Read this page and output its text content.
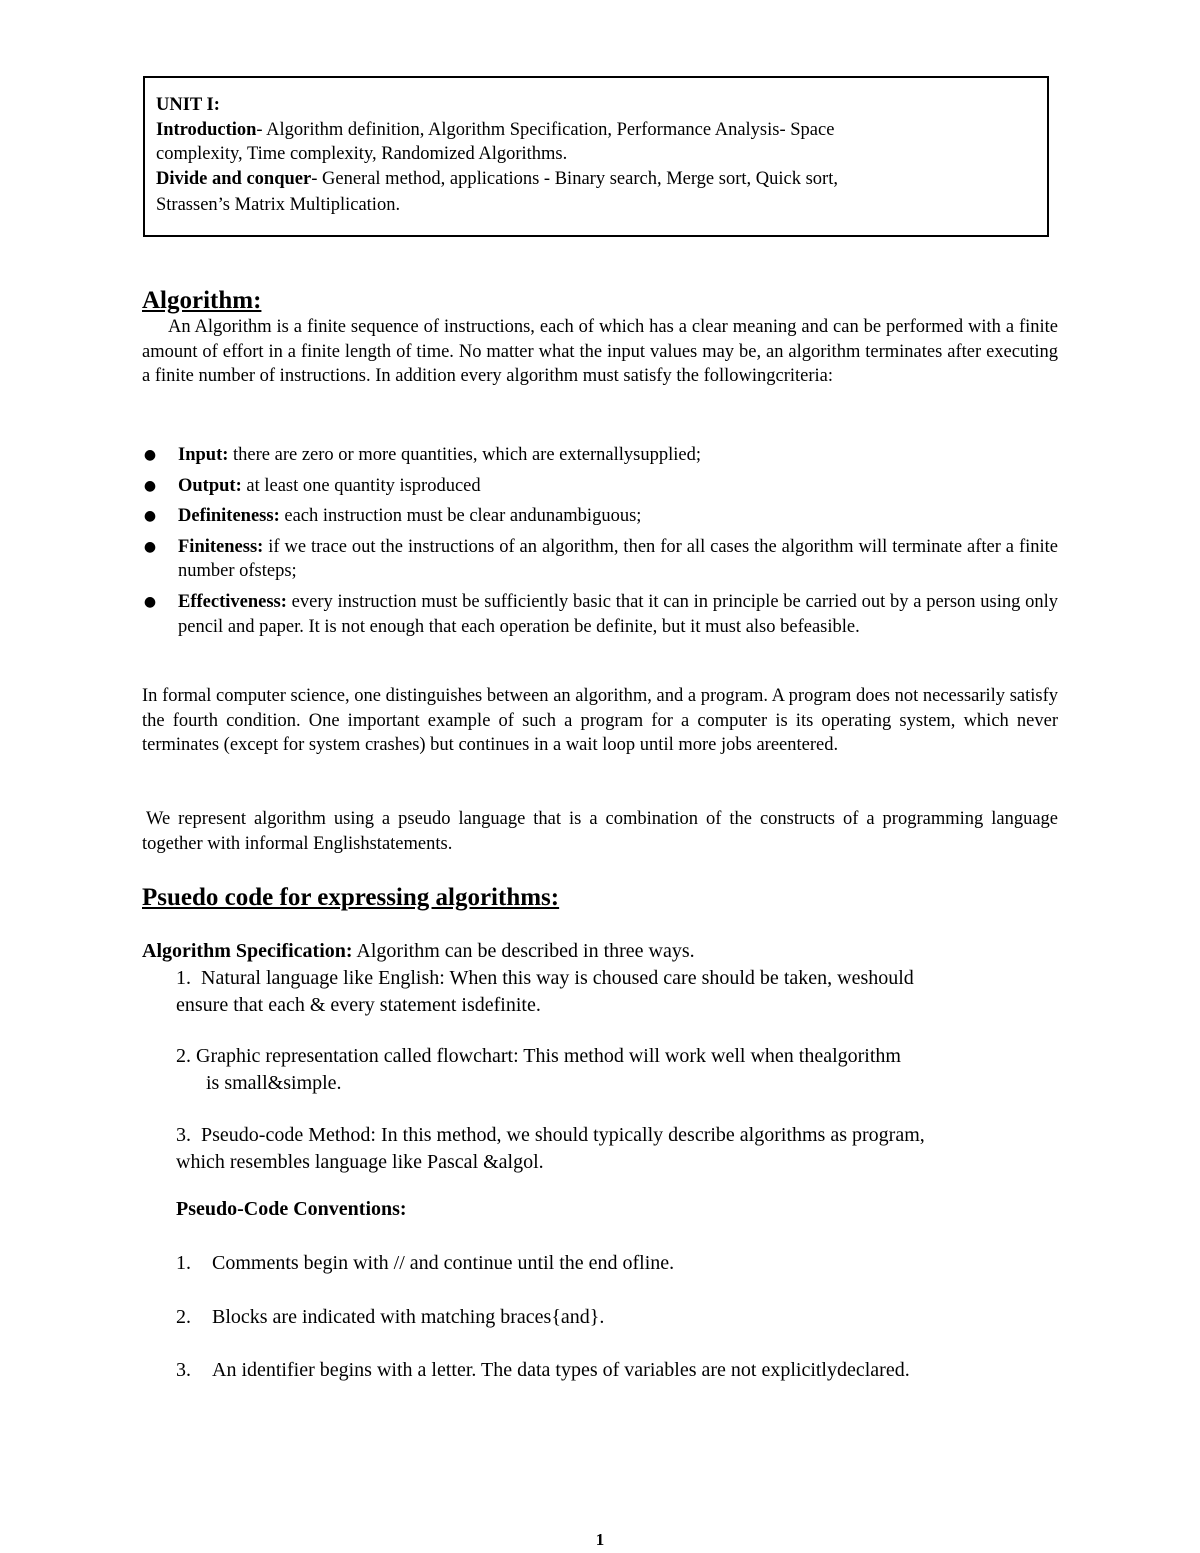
UNIT I:

Introduction- Algorithm definition, Algorithm Specification, Performance Analysis- Space

complexity, Time complexity, Randomized Algorithms.

Divide and conquer- General method, applications - Binary search, Merge sort, Quick sort,

Strassen’s Matrix Multiplication.

Algorithm:

An Algorithm is a finite sequence of instructions, each of which has a clear meaning and can be performed with a finite amount of effort in a finite length of time. No matter what the input values may be, an algorithm terminates after executing a finite number of instructions. In addition every algorithm must satisfy the followingcriteria:

● Input: there are zero or more quantities, which are externallysupplied;
● Output: at least one quantity isproduced
● Definiteness: each instruction must be clear andunambiguous;
● Finiteness: if we trace out the instructions of an algorithm, then for all cases the algorithm will terminate after a finite number ofsteps;
● Effectiveness: every instruction must be sufficiently basic that it can in principle be carried out by a person using only pencil and paper. It is not enough that each operation be definite, but it must also befeasible.

In formal computer science, one distinguishes between an algorithm, and a program. A program does not necessarily satisfy the fourth condition. One important example of such a program for a computer is its operating system, which never terminates (except for system crashes) but continues in a wait loop until more jobs areentered.

We represent algorithm using a pseudo language that is a combination of the constructs of a programming language together with informal Englishstatements.

Psuedo code for expressing algorithms:

Algorithm Specification: Algorithm can be described in three ways.

1. Natural language like English: When this way is choused care should be taken, weshould
ensure that each & every statement isdefinite.

2. Graphic representation called flowchart: This method will work well when thealgorithm
is small&simple.

3. Pseudo-code Method: In this method, we should typically describe algorithms as program,
which resembles language like Pascal &algol.

Pseudo-Code Conventions:

1. Comments begin with // and continue until the end ofline.

2. Blocks are indicated with matching braces{and}.

3. An identifier begins with a letter. The data types of variables are not explicitlydeclared.

1
